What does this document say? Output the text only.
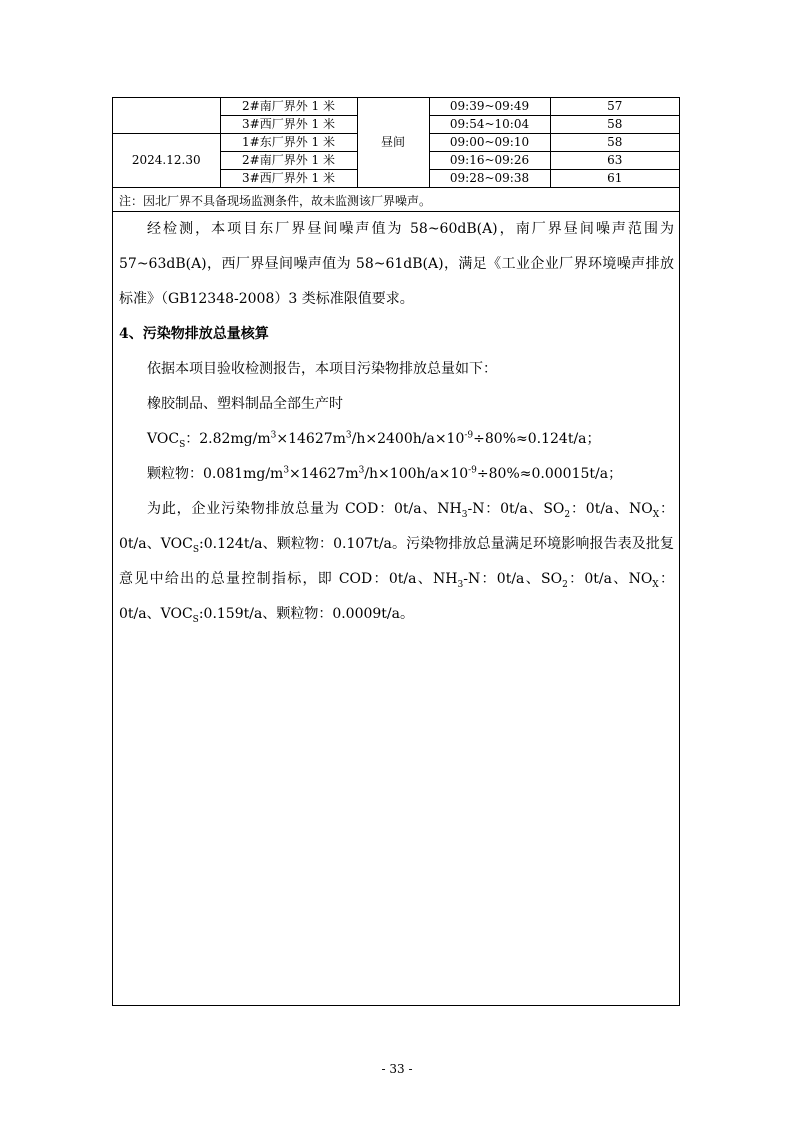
	2#南厂界外 1 米	昼间	09:39~09:49	57
	3#西厂界外 1 米		09:54~10:04	58
2024.12.30	1#东厂界外 1 米		09:00~09:10	58
	2#南厂界外 1 米		09:16~09:26	63
	3#西厂界外 1 米		09:28~09:38	61
注：因北厂界不具备现场监测条件，故未监测该厂界噪声。

经检测，本项目东厂界昼间噪声值为 58~60dB(A)，南厂界昼间噪声范围为 57~63dB(A)，西厂界昼间噪声值为 58~61dB(A)，满足《工业企业厂界环境噪声排放标准》（GB12348-2008）3 类标准限值要求。

4、污染物排放总量核算

依据本项目验收检测报告，本项目污染物排放总量如下：

橡胶制品、塑料制品全部生产时

$VOC_S$：$2.82mg/m^3\times 14627m^3/h\times 2400h/a\times 10^{-9}\div 80\%\approx 0.124t/a$；

颗粒物：$0.081mg/m^3\times 14627m^3/h\times 100h/a\times 10^{-9}\div 80\%\approx 0.00015t/a$；

为此，企业污染物排放总量为 COD：0t/a、$NH_3-N$：0t/a、$SO_2$：0t/a、$NO_X$：0t/a、$VOC_S:0.124t/a$、颗粒物：0.107t/a。污染物排放总量满足环境影响报告表及批复意见中给出的总量控制指标，即 COD：0t/a、$NH_3-N$：0t/a、$SO_2$：0t/a、$NO_X$：0t/a、$VOC_S:0.159t/a$、颗粒物：0.0009t/a。

- 33 -
